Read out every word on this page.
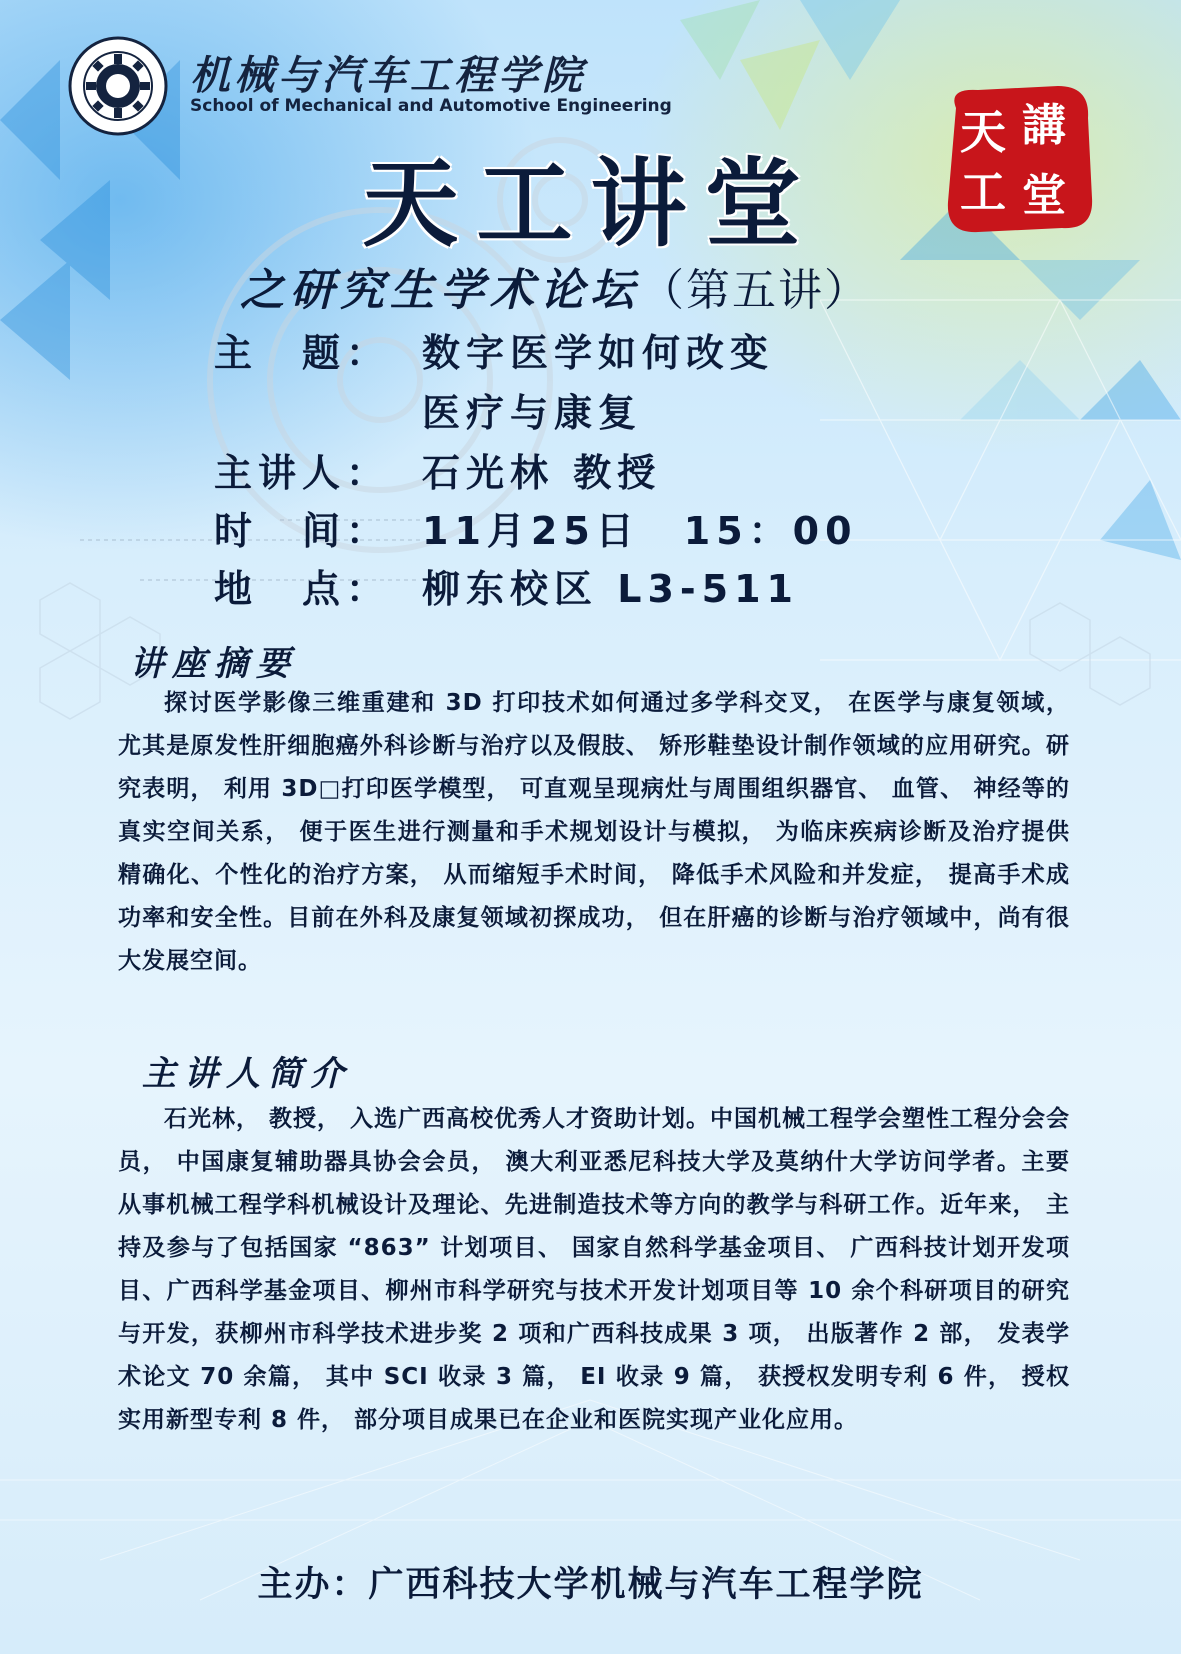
机械与汽车工程学院
School of Mechanical and Automotive Engineering
天工讲堂
之研究生学术论坛（第五讲）
天 講
工 堂
主　题： 数字医学如何改变
医疗与康复
主讲人： 石光林 教授
时　间： 11月25日　15：00
地　点： 柳东校区 L3-511
讲座摘要
探讨医学影像三维重建和 3D 打印技术如何通过多学科交叉， 在医学与康复领域， 尤其是原发性肝细胞癌外科诊断与治疗以及假肢、 矫形鞋垫设计制作领域的应用研究。研究表明， 利用 3D□打印医学模型， 可直观呈现病灶与周围组织器官、 血管、 神经等的真实空间关系， 便于医生进行测量和手术规划设计与模拟， 为临床疾病诊断及治疗提供精确化、个性化的治疗方案， 从而缩短手术时间， 降低手术风险和并发症， 提高手术成功率和安全性。目前在外科及康复领域初探成功， 但在肝癌的诊断与治疗领域中，尚有很大发展空间。
主讲人简介
石光林， 教授， 入选广西高校优秀人才资助计划。中国机械工程学会塑性工程分会会员， 中国康复辅助器具协会会员， 澳大利亚悉尼科技大学及莫纳什大学访问学者。主要从事机械工程学科机械设计及理论、先进制造技术等方向的教学与科研工作。近年来， 主持及参与了包括国家 “863” 计划项目、 国家自然科学基金项目、 广西科技计划开发项目、广西科学基金项目、柳州市科学研究与技术开发计划项目等 10 余个科研项目的研究与开发，获柳州市科学技术进步奖 2 项和广西科技成果 3 项， 出版著作 2 部， 发表学术论文 70 余篇， 其中 SCI 收录 3 篇， EI 收录 9 篇， 获授权发明专利 6 件， 授权实用新型专利 8 件， 部分项目成果已在企业和医院实现产业化应用。
主办：广西科技大学机械与汽车工程学院
